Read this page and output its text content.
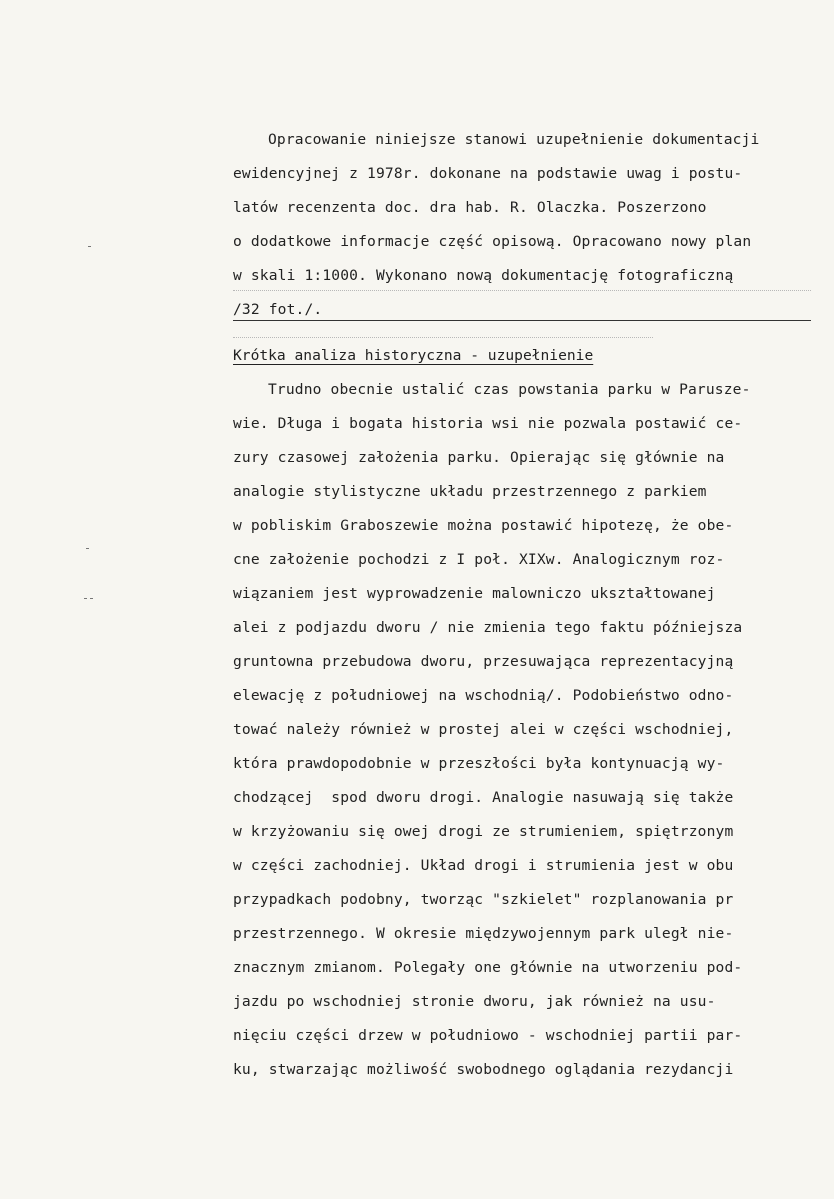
Opracowanie niniejsze stanowi uzupełnienie dokumentacji
ewidencyjnej z 1978r. dokonane na podstawie uwag i postu-
latów recenzenta doc. dra hab. R. Olaczka. Poszerzono
o dodatkowe informacje część opisową. Opracowano nowy plan
w skali 1:1000. Wykonano nową dokumentację fotograficzną
/32 fot./.
Krótka analiza historyczna - uzupełnienie
Trudno obecnie ustalić czas powstania parku w Parusze-
wie. Długa i bogata historia wsi nie pozwala postawić ce-
zury czasowej założenia parku. Opierając się głównie na
analogie stylistyczne układu przestrzennego z parkiem
w pobliskim Graboszewie można postawić hipotezę, że obe-
cne założenie pochodzi z I poł. XIXw. Analogicznym roz-
wiązaniem jest wyprowadzenie malowniczo ukształtowanej
alei z podjazdu dworu / nie zmienia tego faktu późniejsza
gruntowna przebudowa dworu, przesuwająca reprezentacyjną
elewację z południowej na wschodnią/. Podobieństwo odno-
tować należy również w prostej alei w części wschodniej,
która prawdopodobnie w przeszłości była kontynuacją wy-
chodzącej  spod dworu drogi. Analogie nasuwają się także
w krzyżowaniu się owej drogi ze strumieniem, spiętrzonym
w części zachodniej. Układ drogi i strumienia jest w obu
przypadkach podobny, tworząc "szkielet" rozplanowania pr
przestrzennego. W okresie międzywojennym park uległ nie-
znacznym zmianom. Polegały one głównie na utworzeniu pod-
jazdu po wschodniej stronie dworu, jak również na usu-
nięciu części drzew w południowo - wschodniej partii par-
ku, stwarzając możliwość swobodnego oglądania rezydancji
